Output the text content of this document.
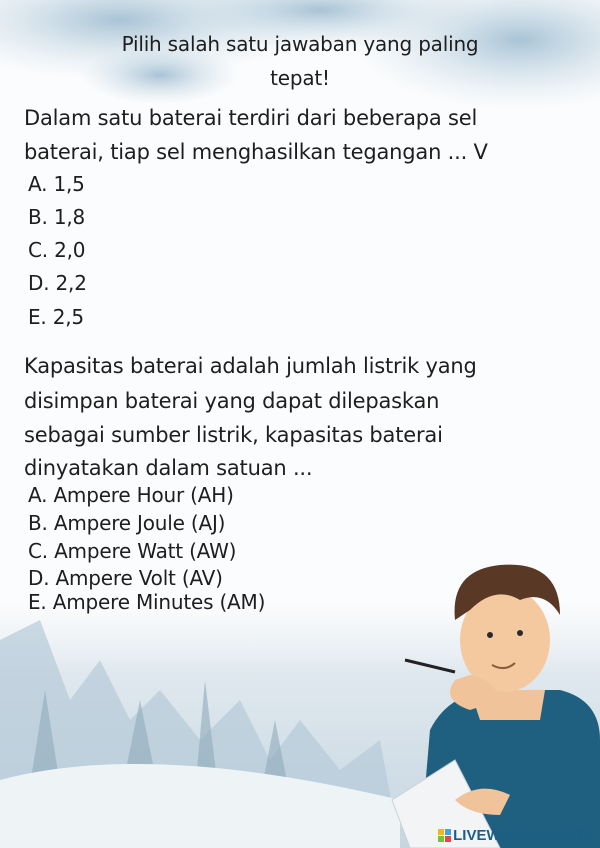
Pilih salah satu jawaban yang paling
tepat!
Dalam satu baterai terdiri dari beberapa sel
baterai, tiap sel menghasilkan tegangan ... V
A. 1,5
B. 1,8
C. 2,0
D. 2,2
E. 2,5
Kapasitas baterai adalah jumlah listrik yang
disimpan baterai yang dapat dilepaskan
sebagai sumber listrik, kapasitas baterai
dinyatakan dalam satuan ...
A. Ampere Hour (AH)
B. Ampere Joule (AJ)
C. Ampere Watt (AW)
D. Ampere Volt (AV)
E. Ampere Minutes (AM)
LIVEWORKSHEETS
